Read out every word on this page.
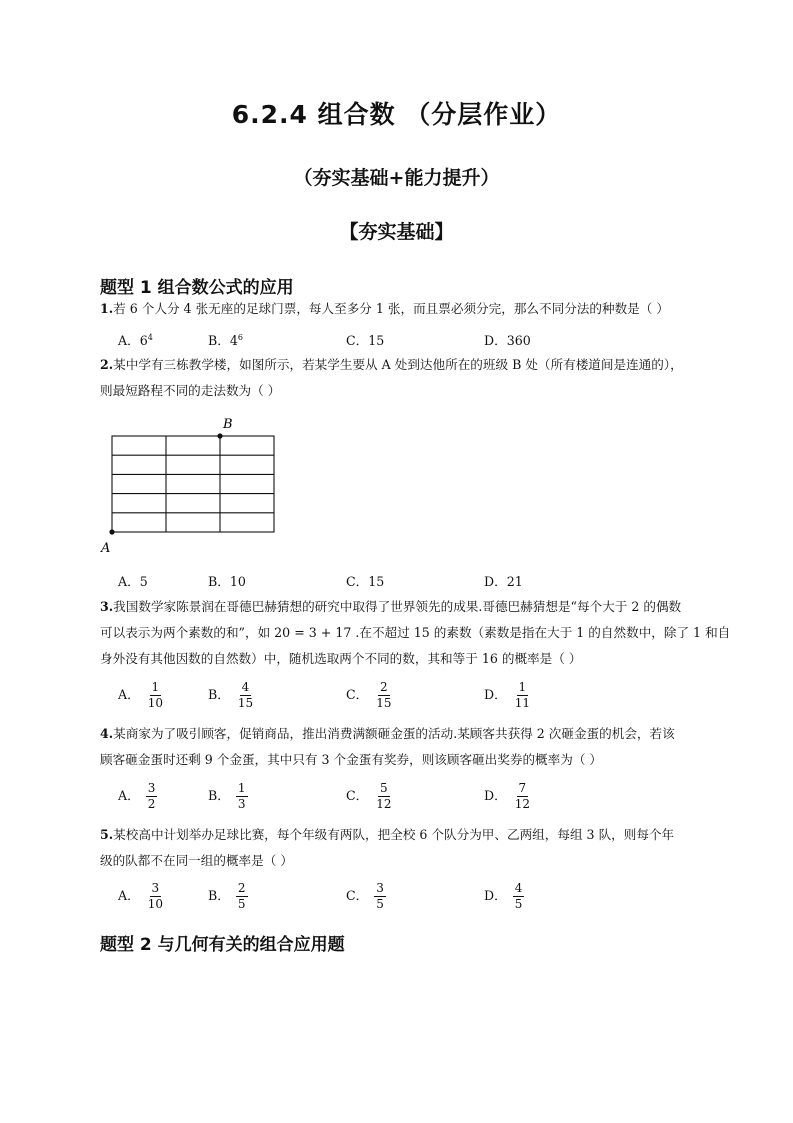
6.2.4 组合数 （分层作业）
（夯实基础+能力提升）
【夯实基础】
题型 1 组合数公式的应用
1.若 6 个人分 4 张无座的足球门票，每人至多分 1 张，而且票必须分完，那么不同分法的种数是（ ）
A．$6^4$	B．$4^6$	C．15	D．360
2.某中学有三栋教学楼，如图所示，若某学生要从 A 处到达他所在的班级 B 处（所有楼道间是连通的），
则最短路程不同的走法数为（ ）
A
B
A．5	B．10	C．15	D．21
3.我国数学家陈景润在哥德巴赫猜想的研究中取得了世界领先的成果.哥德巴赫猜想是“每个大于 2 的偶数
可以表示为两个素数的和”，如 20 = 3 + 17 .在不超过 15 的素数（素数是指在大于 1 的自然数中，除了 1 和自
身外没有其他因数的自然数）中，随机选取两个不同的数，其和等于 16 的概率是（ ）
A． $\frac{1}{10}$	B． $\frac{4}{15}$	C． $\frac{2}{15}$	D． $\frac{1}{11}$
4.某商家为了吸引顾客，促销商品，推出消费满额砸金蛋的活动.某顾客共获得 2 次砸金蛋的机会，若该
顾客砸金蛋时还剩 9 个金蛋，其中只有 3 个金蛋有奖券，则该顾客砸出奖券的概率为（ ）
A． $\frac{3}{2}$	B． $\frac{1}{3}$	C． $\frac{5}{12}$	D． $\frac{7}{12}$
5.某校高中计划举办足球比赛，每个年级有两队，把全校 6 个队分为甲、乙两组，每组 3 队，则每个年
级的队都不在同一组的概率是（ ）
A． $\frac{3}{10}$	B． $\frac{2}{5}$	C． $\frac{3}{5}$	D． $\frac{4}{5}$
题型 2 与几何有关的组合应用题
